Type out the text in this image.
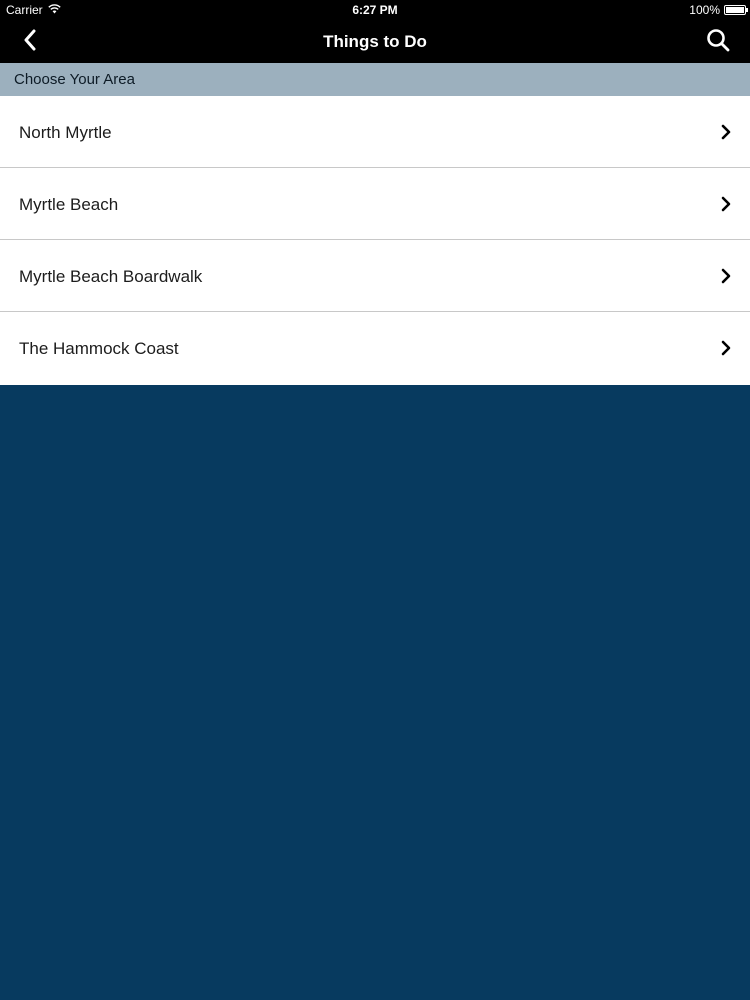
Carrier	6:27 PM	100%
Things to Do
Choose Your Area
North Myrtle
Myrtle Beach
Myrtle Beach Boardwalk
The Hammock Coast
